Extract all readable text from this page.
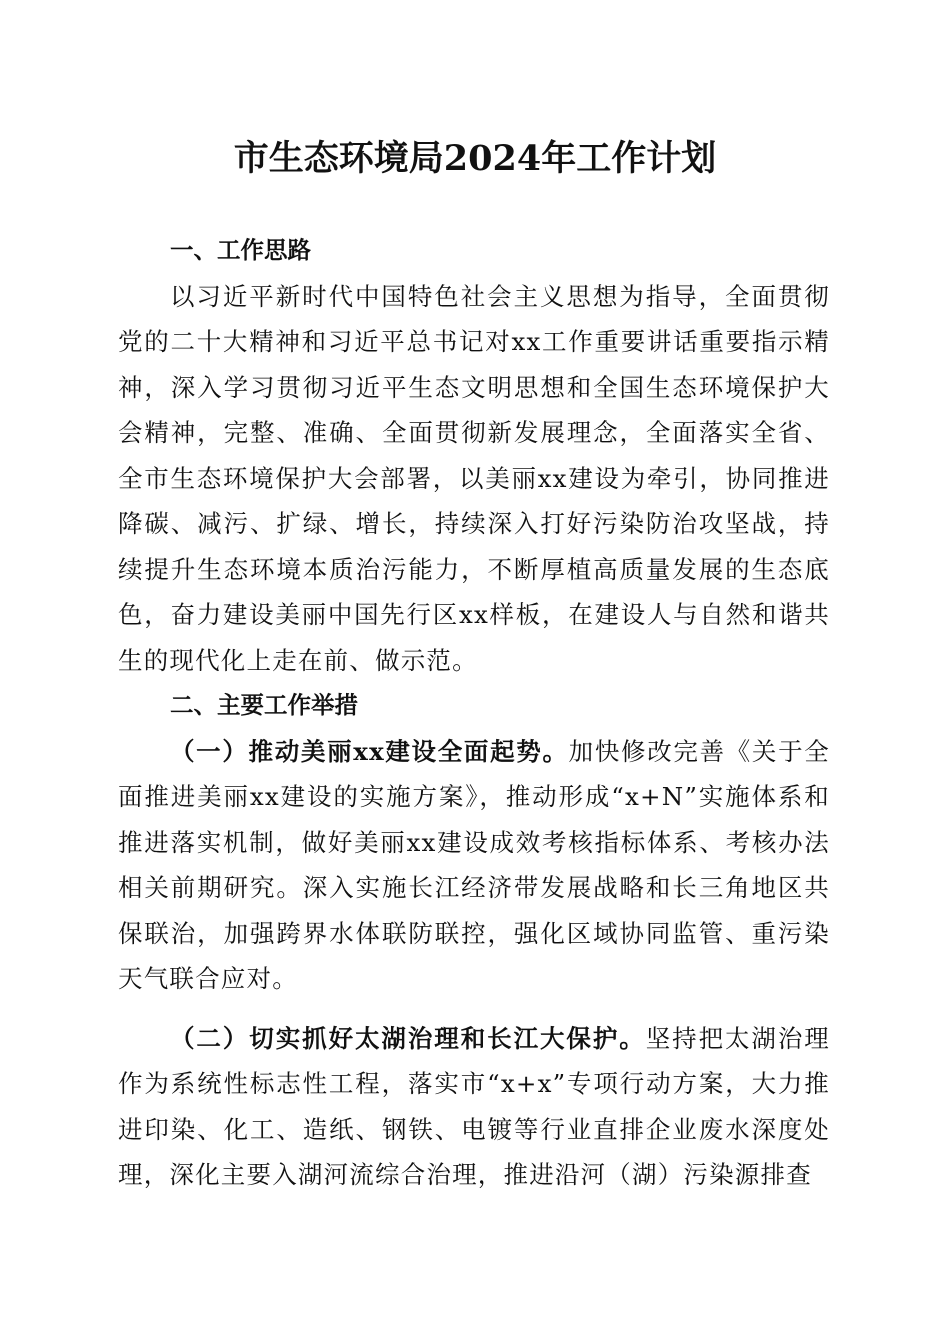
市生态环境局2024年工作计划

一、工作思路

以习近平新时代中国特色社会主义思想为指导，全面贯彻党的二十大精神和习近平总书记对xx工作重要讲话重要指示精神，深入学习贯彻习近平生态文明思想和全国生态环境保护大会精神，完整、准确、全面贯彻新发展理念，全面落实全省、全市生态环境保护大会部署，以美丽xx建设为牵引，协同推进降碳、减污、扩绿、增长，持续深入打好污染防治攻坚战，持续提升生态环境本质治污能力，不断厚植高质量发展的生态底色，奋力建设美丽中国先行区xx样板，在建设人与自然和谐共生的现代化上走在前、做示范。

二、主要工作举措

（一）推动美丽xx建设全面起势。加快修改完善《关于全面推进美丽xx建设的实施方案》，推动形成“x+N”实施体系和推进落实机制，做好美丽xx建设成效考核指标体系、考核办法相关前期研究。深入实施长江经济带发展战略和长三角地区共保联治，加强跨界水体联防联控，强化区域协同监管、重污染天气联合应对。

（二）切实抓好太湖治理和长江大保护。坚持把太湖治理作为系统性标志性工程，落实市“x+x”专项行动方案，大力推进印染、化工、造纸、钢铁、电镀等行业直排企业废水深度处理，深化主要入湖河流综合治理，推进沿河（湖）污染源排查
